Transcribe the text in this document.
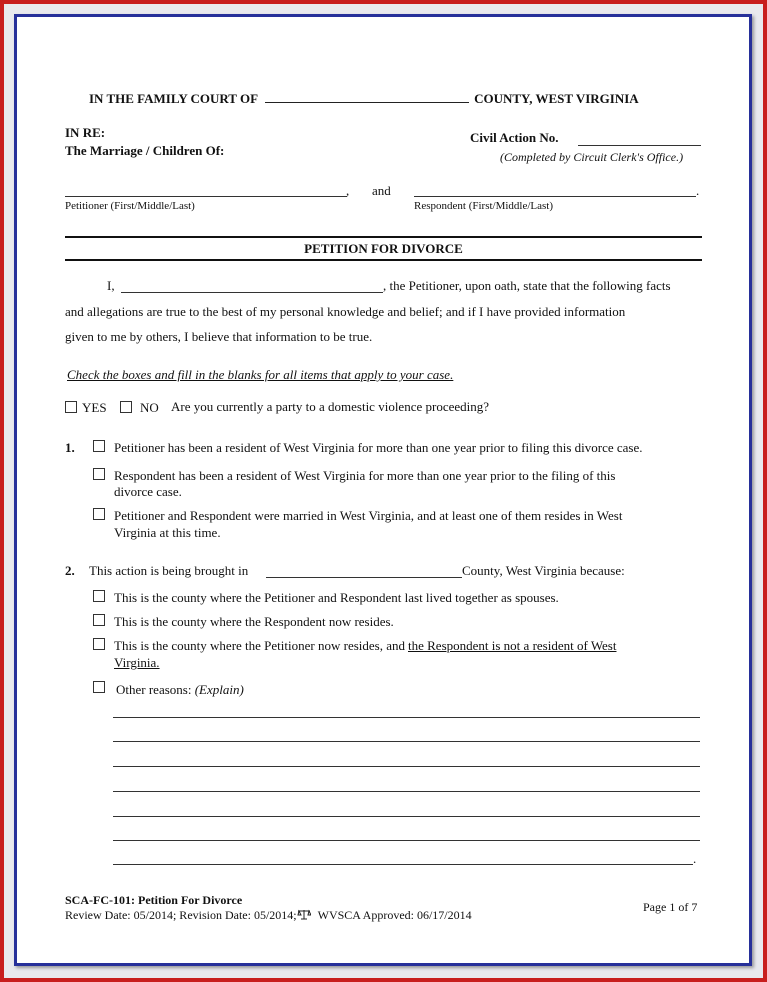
IN THE FAMILY COURT OF	COUNTY, WEST VIRGINIA
IN RE:
The Marriage / Children Of:
Civil Action No.
(Completed by Circuit Clerk's Office.)
, and	.
Petitioner (First/Middle/Last)	Respondent (First/Middle/Last)
PETITION FOR DIVORCE
I,	, the Petitioner, upon oath, state that the following facts
and allegations are true to the best of my personal knowledge and belief; and if I have provided information
given to me by others, I believe that information to be true.
Check the boxes and fill in the blanks for all items that apply to your case.
YES	NO Are you currently a party to a domestic violence proceeding?
1.	Petitioner has been a resident of West Virginia for more than one year prior to filing this divorce case.
Respondent has been a resident of West Virginia for more than one year prior to the filing of this
divorce case.
Petitioner and Respondent were married in West Virginia, and at least one of them resides in West
Virginia at this time.
2. This action is being brought in	County, West Virginia because:
This is the county where the Petitioner and Respondent last lived together as spouses.
This is the county where the Respondent now resides.
This is the county where the Petitioner now resides, and the Respondent is not a resident of West
Virginia.
Other reasons: (Explain)
.
SCA-FC-101: Petition For Divorce
Review Date: 05/2014; Revision Date: 05/2014; WVSCA Approved: 06/17/2014
Page 1 of 7
